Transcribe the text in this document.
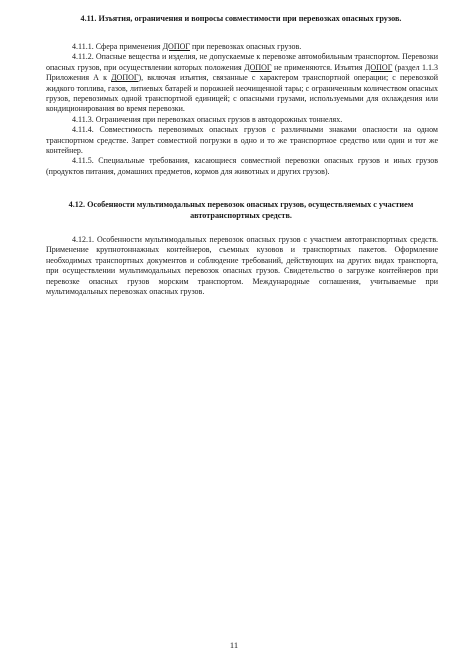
4.11. Изъятия, ограничения и вопросы совместимости при перевозках опасных грузов.

4.11.1. Сфера применения ДОПОГ при перевозках опасных грузов.

4.11.2. Опасные вещества и изделия, не допускаемые к перевозке автомобильным транспортом. Перевозки опасных грузов, при осуществлении которых положения ДОПОГ не применяются. Изъятия ДОПОГ (раздел 1.1.3 Приложения А к ДОПОГ), включая изъятия, связанные с характером транспортной операции; с перевозкой жидкого топлива, газов, литиевых батарей и порожней неочищенной тары; с ограниченным количеством опасных грузов, перевозимых одной транспортной единицей; с опасными грузами, используемыми для охлаждения или кондиционирования во время перевозки.

4.11.3. Ограничения при перевозках опасных грузов в автодорожных тоннелях.

4.11.4. Совместимость перевозимых опасных грузов с различными знаками опасности на одном транспортном средстве. Запрет совместной погрузки в одно и то же транспортное средство или один и тот же контейнер.

4.11.5. Специальные требования, касающиеся совместной перевозки опасных грузов и иных грузов (продуктов питания, домашних предметов, кормов для животных и других грузов).

4.12. Особенности мультимодальных перевозок опасных грузов, осуществляемых с участием автотранспортных средств.

4.12.1. Особенности мультимодальных перевозок опасных грузов с участием автотранспортных средств. Применение крупнотоннажных контейнеров, съемных кузовов и транспортных пакетов. Оформление необходимых транспортных документов и соблюдение требований, действующих на других видах транспорта, при осуществлении мультимодальных перевозок опасных грузов. Свидетельство о загрузке контейнеров при перевозке опасных грузов морским транспортом. Международные соглашения, учитываемые при мультимодальных перевозках опасных грузов.

11
